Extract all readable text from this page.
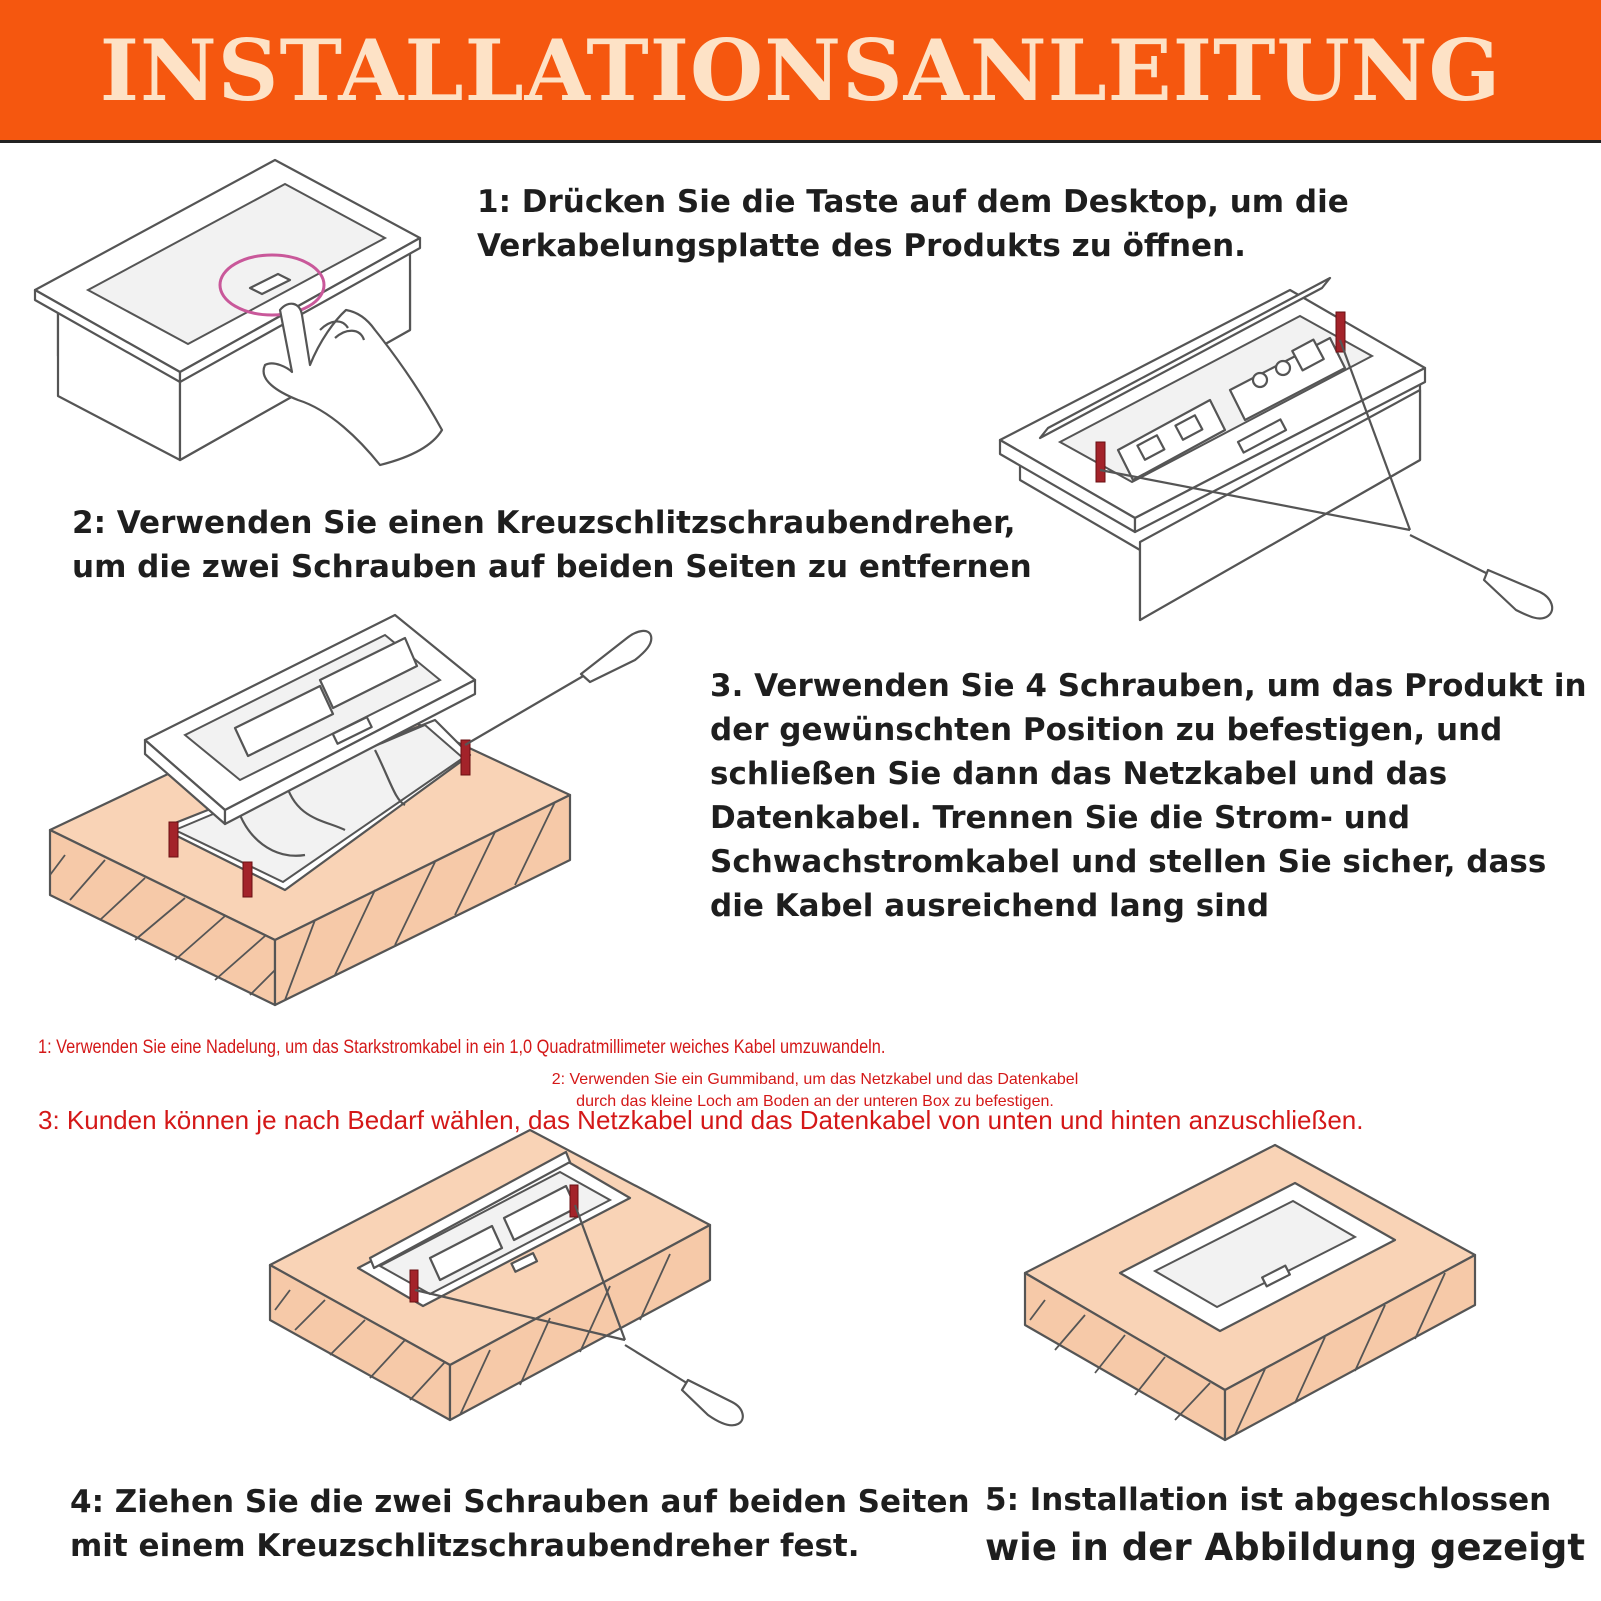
INSTALLATIONSANLEITUNG

1: Drücken Sie die Taste auf dem Desktop, um die

Verkabelungsplatte des Produkts zu öffnen.

2: Verwenden Sie einen Kreuzschlitzschraubendreher,

um die zwei Schrauben auf beiden Seiten zu entfernen

3. Verwenden Sie 4 Schrauben, um das Produkt in

der gewünschten Position zu befestigen, und

schließen Sie dann das Netzkabel und das

Datenkabel. Trennen Sie die Strom- und

Schwachstromkabel und stellen Sie sicher, dass

die Kabel ausreichend lang sind

1: Verwenden Sie eine Nadelung, um das Starkstromkabel in ein 1,0 Quadratmillimeter weiches Kabel umzuwandeln.
2: Verwenden Sie ein Gummiband, um das Netzkabel und das Datenkabel
durch das kleine Loch am Boden an der unteren Box zu befestigen.
3: Kunden können je nach Bedarf wählen, das Netzkabel und das Datenkabel von unten und hinten anzuschließen.

4: Ziehen Sie die zwei Schrauben auf beiden Seiten

mit einem Kreuzschlitzschraubendreher fest.

5: Installation ist abgeschlossen

wie in der Abbildung gezeigt
